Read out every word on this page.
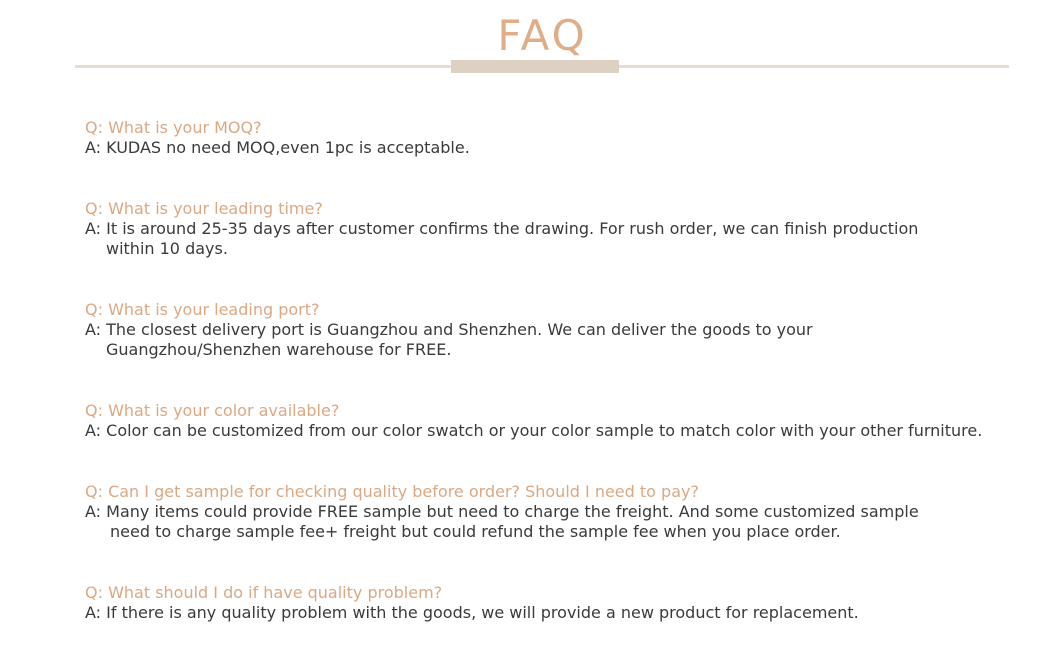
FAQ
Q: What is your MOQ?
A: KUDAS no need MOQ,even 1pc is acceptable.
Q: What is your leading time?
A: It is around 25-35 days after customer confirms the drawing. For rush order, we can finish production
within 10 days.
Q: What is your leading port?
A: The closest delivery port is Guangzhou and Shenzhen. We can deliver the goods to your
Guangzhou/Shenzhen warehouse for FREE.
Q: What is your color available?
A: Color can be customized from our color swatch or your color sample to match color with your other furniture.
Q: Can I get sample for checking quality before order? Should I need to pay?
A: Many items could provide FREE sample but need to charge the freight. And some customized sample
need to charge sample fee+ freight but could refund the sample fee when you place order.
Q: What should I do if have quality problem?
A: If there is any quality problem with the goods, we will provide a new product for replacement.
